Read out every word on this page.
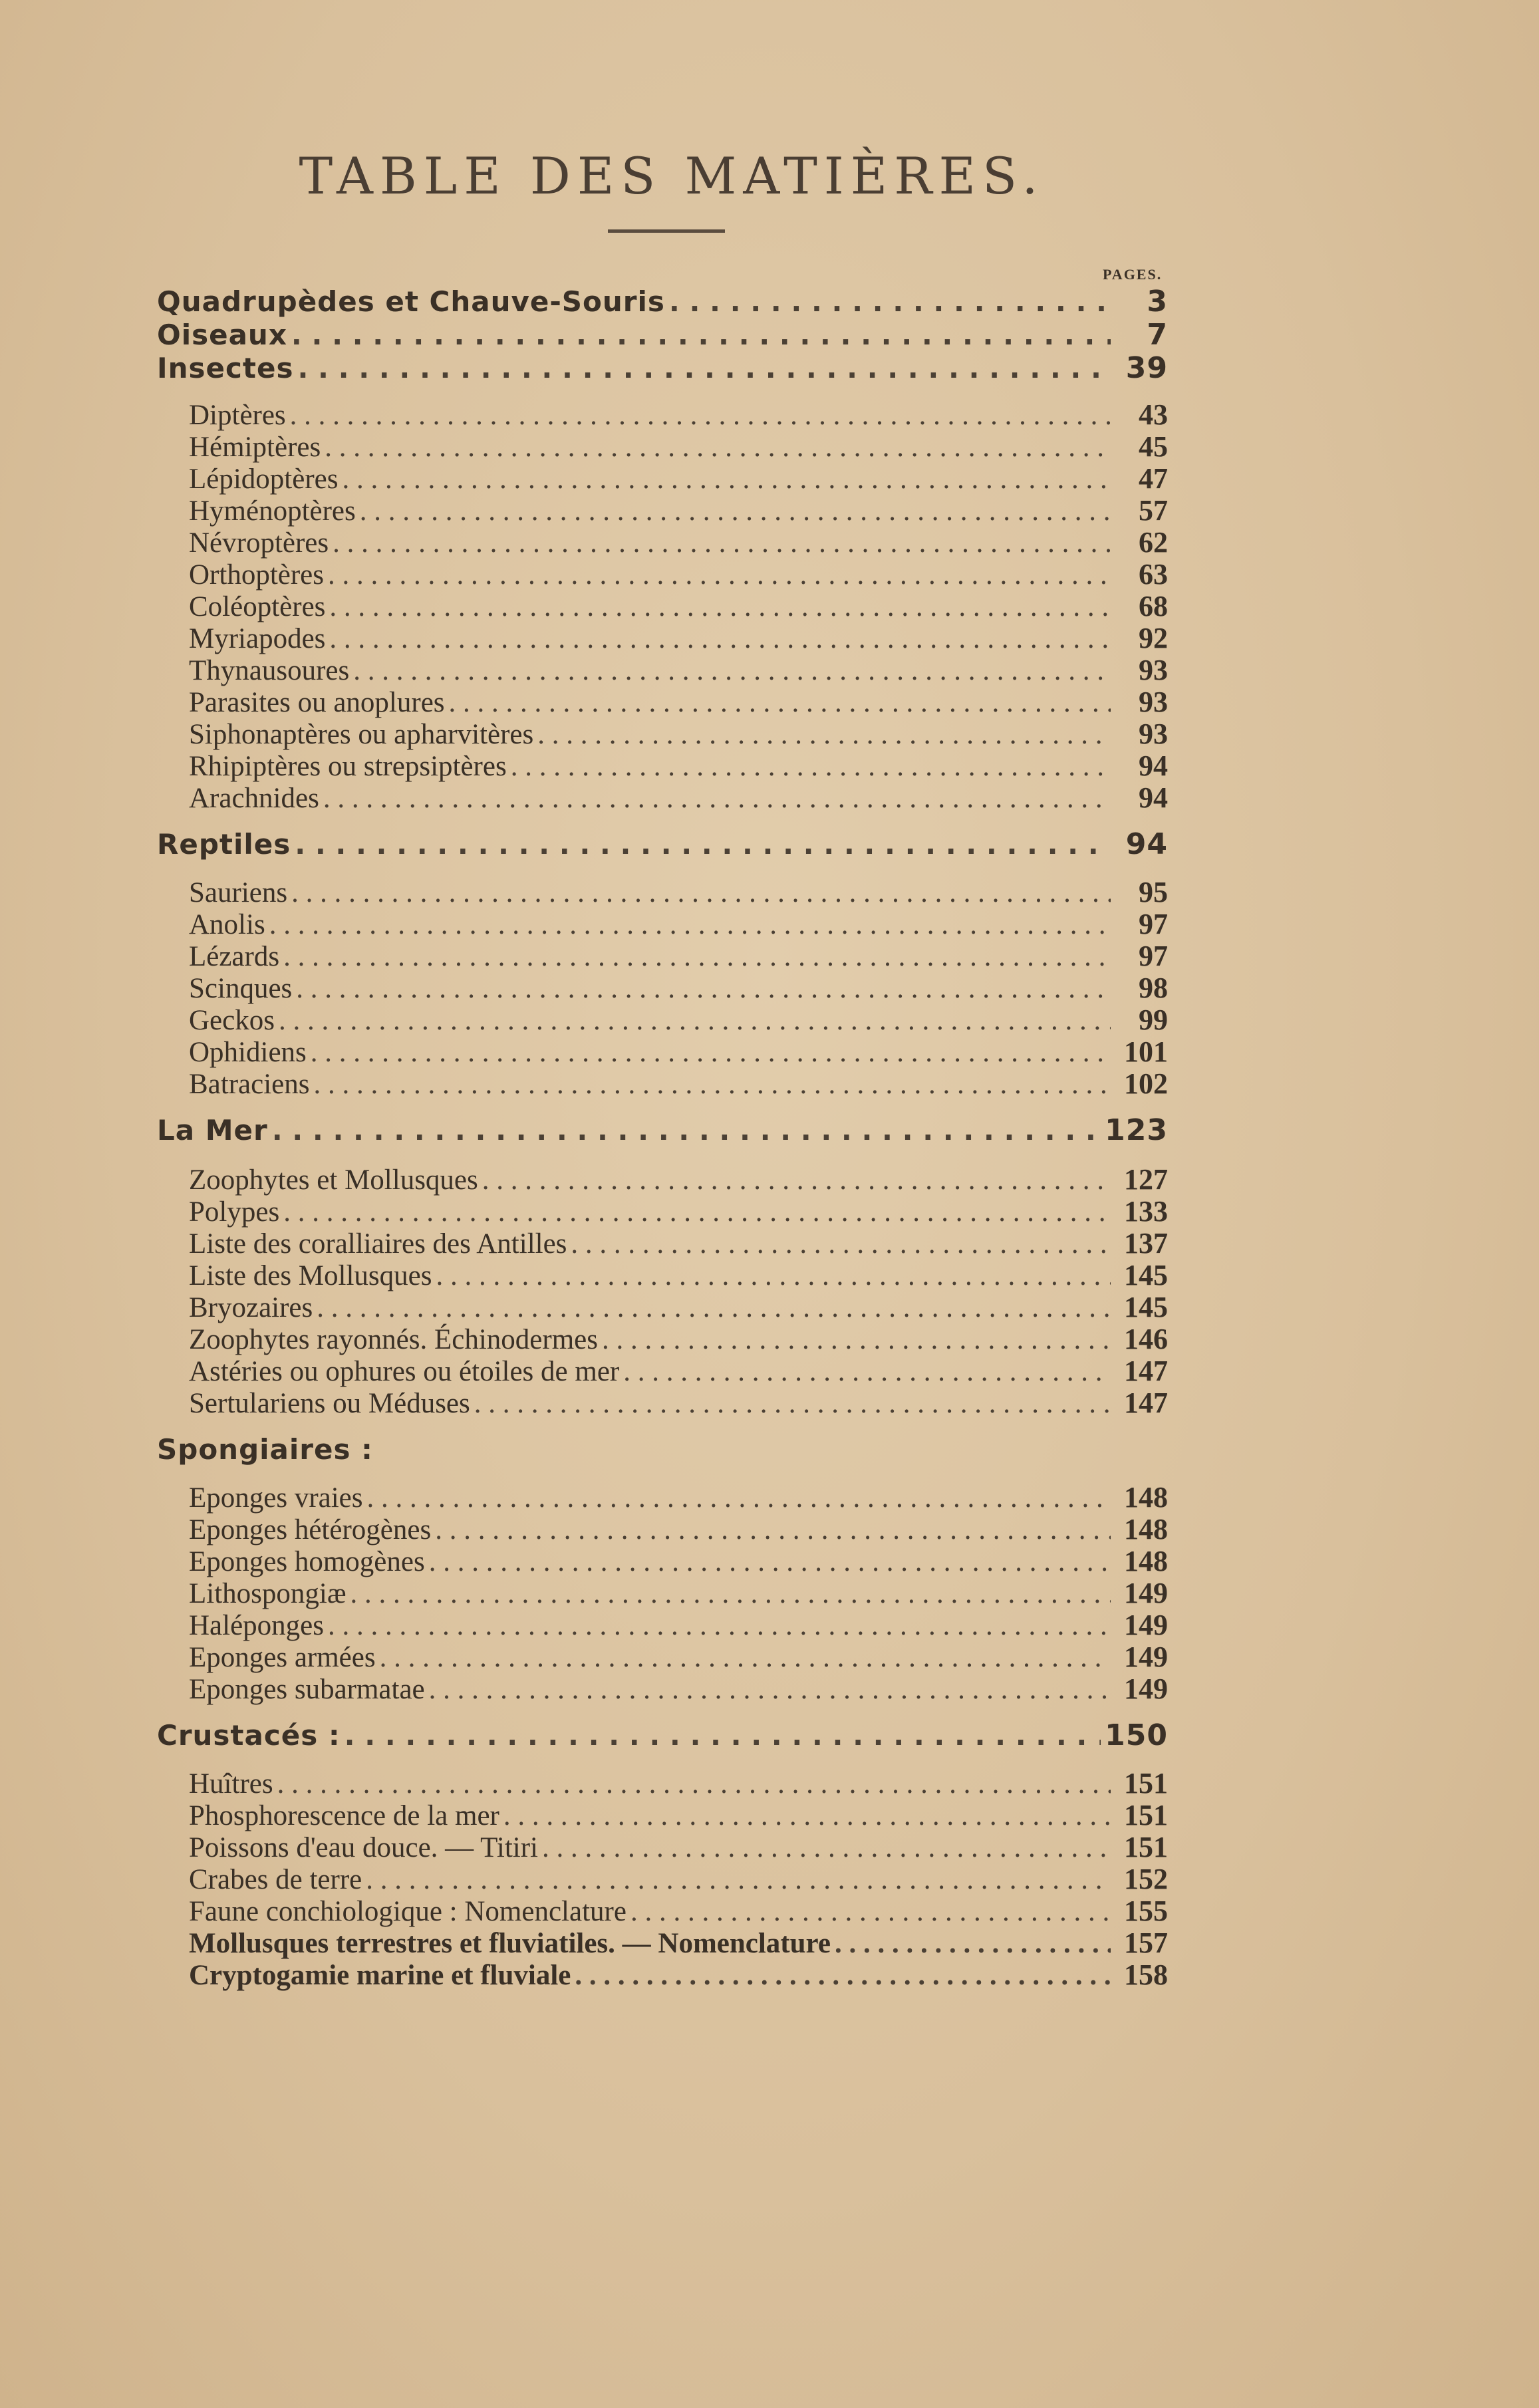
TABLE DES MATIÈRES.
PAGES.
Quadrupèdes et Chauve-Souris . . .	3
Oiseaux . . .	7
Insectes . . .	39
Diptères . . .	43
Hémiptères . . .	45
Lépidoptères . . .	47
Hyménoptères . . .	57
Névroptères . . .	62
Orthoptères . . .	63
Coléoptères . . .	68
Myriapodes . . .	92
Thynausoures . . .	93
Parasites ou anoplures . . .	93
Siphonaptères ou apharvitères . . .	93
Rhipiptères ou strepsiptères . . .	94
Arachnides . . .	94
Reptiles . . .	94
Sauriens . . .	95
Anolis . . .	97
Lézards . . .	97
Scinques . . .	98
Geckos . . .	99
Ophidiens . . .	101
Batraciens . . .	102
La Mer . . .	123
Zoophytes et Mollusques . . .	127
Polypes . . .	133
Liste des coralliaires des Antilles . . .	137
Liste des Mollusques . . .	145
Bryozaires . . .	145
Zoophytes rayonnés. Échinodermes . . .	146
Astéries ou ophures ou étoiles de mer . . .	147
Sertulariens ou Méduses . . .	147
Spongiaires :
Eponges vraies . . .	148
Eponges hétérogènes . . .	148
Eponges homogènes . . .	148
Lithospongiæ . . .	149
Haléponges . . .	149
Eponges armées . . .	149
Eponges subarmatae . . .	149
Crustacés : . . .	150
Huîtres . . .	151
Phosphorescence de la mer . . .	151
Poissons d'eau douce. — Titiri . . .	151
Crabes de terre . . .	152
Faune conchiologique : Nomenclature . . .	155
Mollusques terrestres et fluviatiles. — Nomenclature . . .	157
Cryptogamie marine et fluviale . . .	158
